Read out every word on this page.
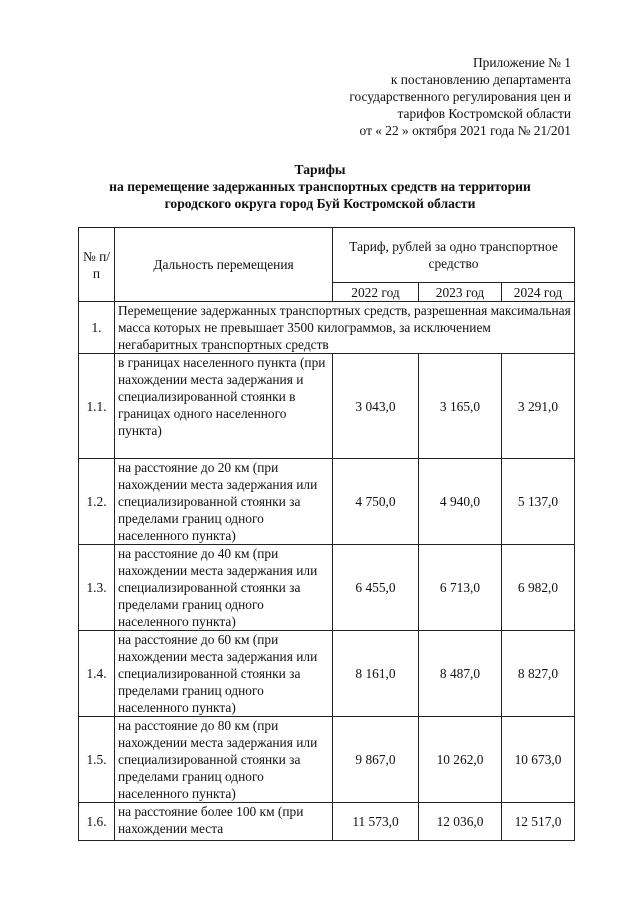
Приложение № 1
к постановлению департамента
государственного регулирования цен и
тарифов Костромской области
от « 22 » октября 2021 года № 21/201
Тарифы
на перемещение задержанных транспортных средств на территории
городского округа город Буй Костромской области
№ п/п	Дальность перемещения	Тариф, рублей за одно транспортное средство		
		2022 год	2023 год	2024 год
1.	Перемещение задержанных транспортных средств, разрешенная максимальная масса которых не превышает 3500 килограммов, за исключением негабаритных транспортных средств			
1.1.	в границах населенного пункта (при нахождении места задержания и специализированной стоянки в границах одного населенного пункта)	3 043,0	3 165,0	3 291,0
1.2.	на расстояние до 20 км (при нахождении места задержания или специализированной стоянки за пределами границ одного населенного пункта)	4 750,0	4 940,0	5 137,0
1.3.	на расстояние до 40 км (при нахождении места задержания или специализированной стоянки за пределами границ одного населенного пункта)	6 455,0	6 713,0	6 982,0
1.4.	на расстояние до 60 км (при нахождении места задержания или специализированной стоянки за пределами границ одного населенного пункта)	8 161,0	8 487,0	8 827,0
1.5.	на расстояние до 80 км (при нахождении места задержания или специализированной стоянки за пределами границ одного населенного пункта)	9 867,0	10 262,0	10 673,0
1.6.	на расстояние более 100 км (при нахождении места	11 573,0	12 036,0	12 517,0
